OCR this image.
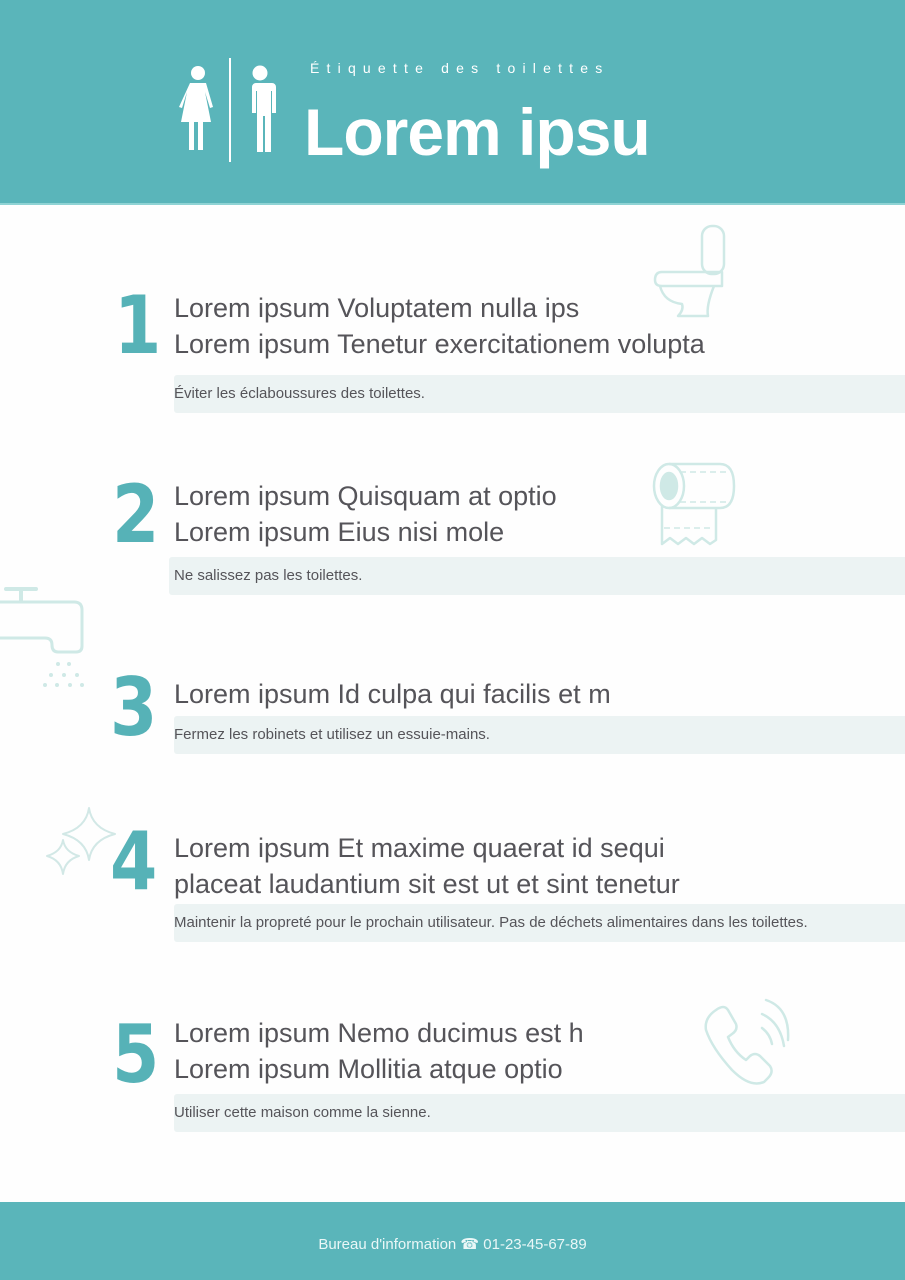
Étiquette des toilettes
Lorem ipsu
1 Lorem ipsum Voluptatem nulla ips
Lorem ipsum Tenetur exercitationem volupta
Éviter les éclaboussures des toilettes.
2 Lorem ipsum Quisquam at optio
Lorem ipsum Eius nisi mole
Ne salissez pas les toilettes.
3 Lorem ipsum Id culpa qui facilis et m
Fermez les robinets et utilisez un essuie-mains.
4 Lorem ipsum Et maxime quaerat id sequi
placeat laudantium sit est ut et sint tenetur
Maintenir la propreté pour le prochain utilisateur. Pas de déchets alimentaires dans les toilettes.
5 Lorem ipsum Nemo ducimus est h
Lorem ipsum Mollitia atque optio
Utiliser cette maison comme la sienne.
Bureau d'information ☎ 01-23-45-67-89
